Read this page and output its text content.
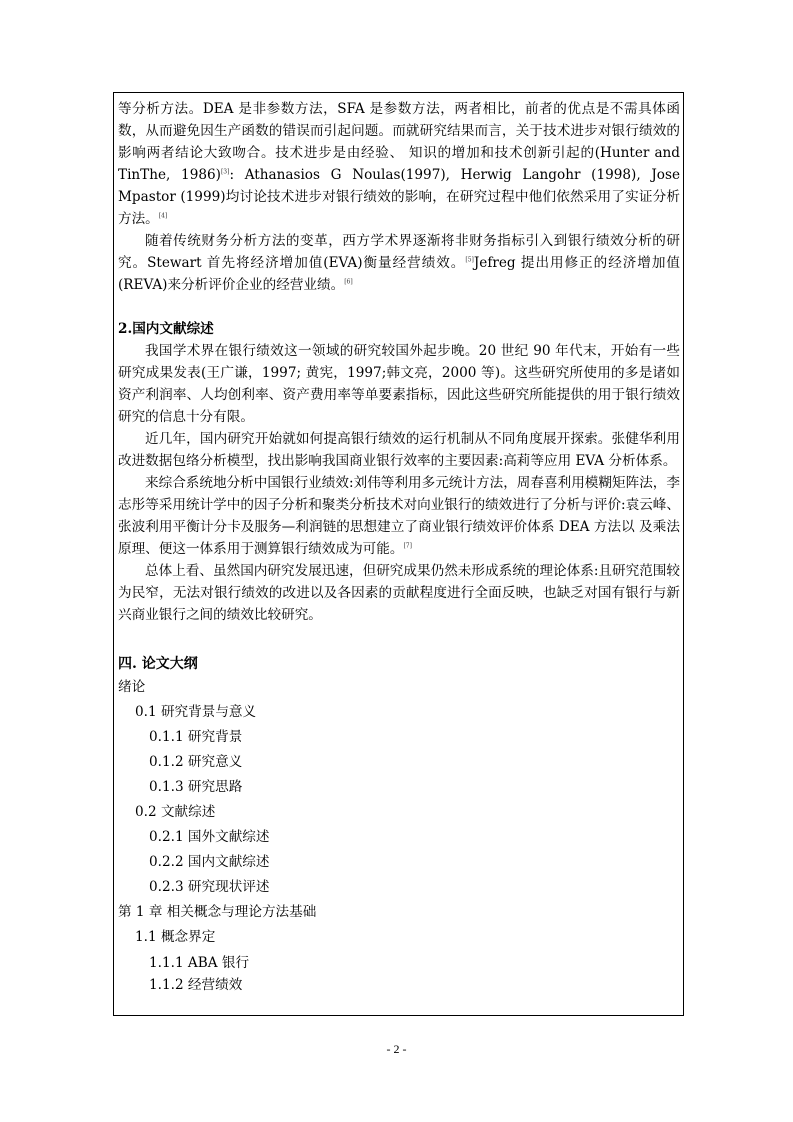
等分析方法。DEA 是非参数方法，SFA 是参数方法，两者相比，前者的优点是不需具体函数，从而避免因生产函数的错误而引起问题。而就研究结果而言，关于技术进步对银行绩效的影响两者结论大致吻合。技术进步是由经验、 知识的增加和技术创新引起的(Hunter and TinThe, 1986)[3]: Athanasios G Noulas(1997), Herwig Langohr (1998), Jose Mpastor (1999)均讨论技术进步对银行绩效的影响，在研究过程中他们依然采用了实证分析方法。[4]

随着传统财务分析方法的变革，西方学术界逐渐将非财务指标引入到银行绩效分析的研究。Stewart 首先将经济增加值(EVA)衡量经营绩效。[5]Jefreg 提出用修正的经济增加值(REVA)来分析评价企业的经营业绩。[6]

2.国内文献综述

我国学术界在银行绩效这一领域的研究较国外起步晚。20 世纪 90 年代末，开始有一些研究成果发表(王广谦，1997; 黄宪，1997;韩文亮，2000 等)。这些研究所使用的多是诸如资产利润率、人均创利率、资产费用率等单要素指标，因此这些研究所能提供的用于银行绩效研究的信息十分有限。

近几年，国内研究开始就如何提高银行绩效的运行机制从不同角度展开探索。张健华利用改进数据包络分析模型，找出影响我国商业银行效率的主要因素:高莉等应用 EVA 分析体系。

来综合系统地分析中国银行业绩效:刘伟等利用多元统计方法，周春喜利用模糊矩阵法，李志彤等采用统计学中的因子分析和聚类分析技术对向业银行的绩效进行了分析与评价:袁云峰、张波利用平衡计分卡及服务—利润链的思想建立了商业银行绩效评价体系 DEA 方法以 及乘法原理、便这一体系用于测算银行绩效成为可能。[7]

总体上看、虽然国内研究发展迅速，但研究成果仍然未形成系统的理论体系:且研究范围较为民窄，无法对银行绩效的改进以及各因素的贡献程度进行全面反映，也缺乏对国有银行与新兴商业银行之间的绩效比较研究。

四. 论文大纲
绪论
0.1 研究背景与意义
0.1.1 研究背景
0.1.2 研究意义
0.1.3 研究思路
0.2 文献综述
0.2.1 国外文献综述
0.2.2 国内文献综述
0.2.3 研究现状评述
第 1 章 相关概念与理论方法基础
1.1 概念界定
1.1.1 ABA 银行
1.1.2 经营绩效
- 2 -
